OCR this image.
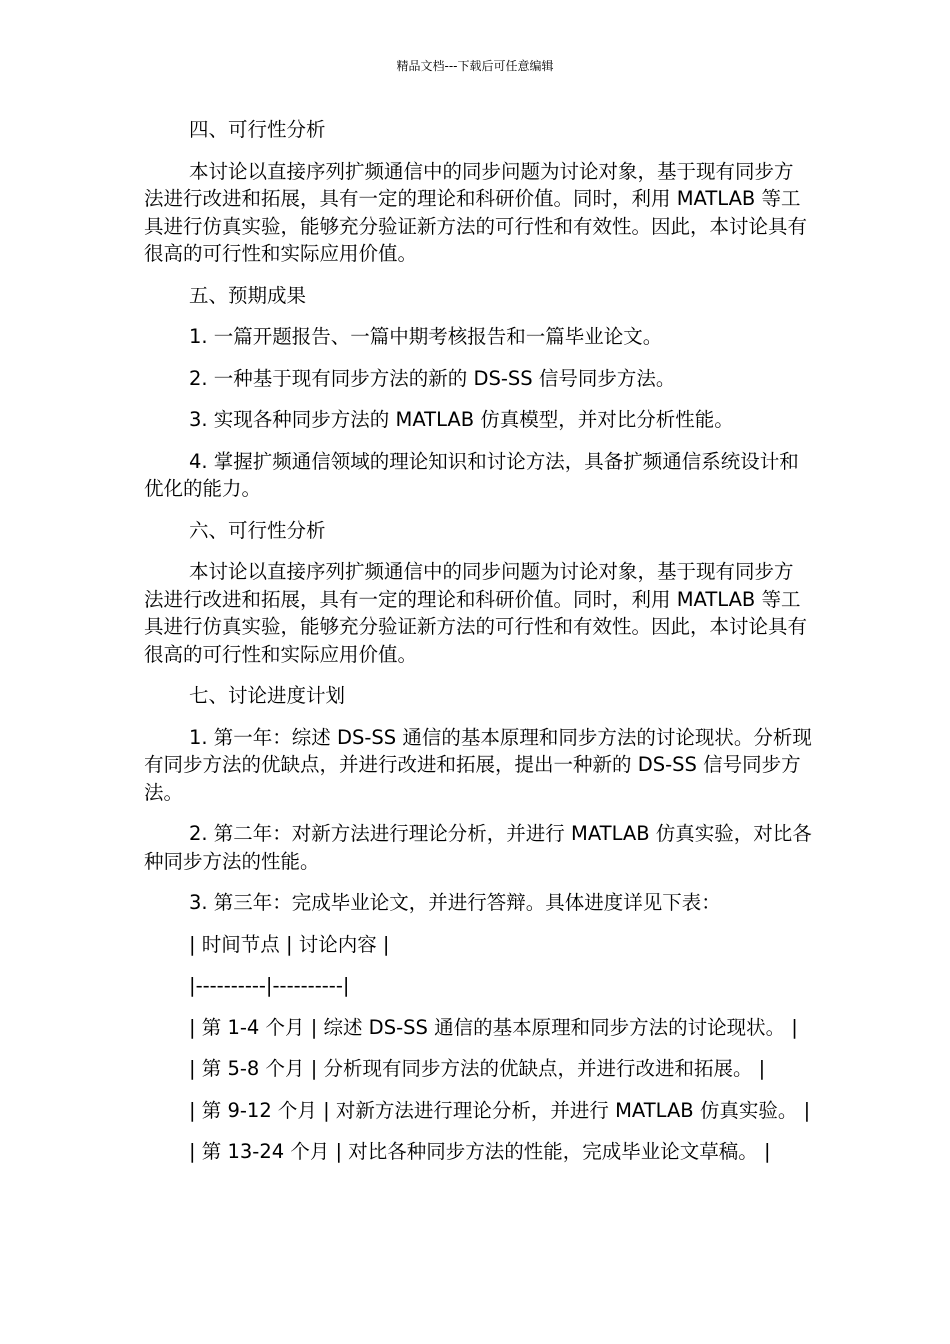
精品文档---下载后可任意编辑

四、可行性分析

本讨论以直接序列扩频通信中的同步问题为讨论对象，基于现有同步方法进行改进和拓展，具有一定的理论和科研价值。同时，利用 MATLAB 等工具进行仿真实验，能够充分验证新方法的可行性和有效性。因此，本讨论具有很高的可行性和实际应用价值。

五、预期成果

1. 一篇开题报告、一篇中期考核报告和一篇毕业论文。

2. 一种基于现有同步方法的新的 DS-SS 信号同步方法。

3. 实现各种同步方法的 MATLAB 仿真模型，并对比分析性能。

4. 掌握扩频通信领域的理论知识和讨论方法，具备扩频通信系统设计和优化的能力。

六、可行性分析

本讨论以直接序列扩频通信中的同步问题为讨论对象，基于现有同步方法进行改进和拓展，具有一定的理论和科研价值。同时，利用 MATLAB 等工具进行仿真实验，能够充分验证新方法的可行性和有效性。因此，本讨论具有很高的可行性和实际应用价值。

七、讨论进度计划

1. 第一年：综述 DS-SS 通信的基本原理和同步方法的讨论现状。分析现有同步方法的优缺点，并进行改进和拓展，提出一种新的 DS-SS 信号同步方法。

2. 第二年：对新方法进行理论分析，并进行 MATLAB 仿真实验，对比各种同步方法的性能。

3. 第三年：完成毕业论文，并进行答辩。具体进度详见下表：

| 时间节点 | 讨论内容 |

|----------|----------|

| 第 1-4 个月 | 综述 DS-SS 通信的基本原理和同步方法的讨论现状。 |

| 第 5-8 个月 | 分析现有同步方法的优缺点，并进行改进和拓展。 |

| 第 9-12 个月 | 对新方法进行理论分析，并进行 MATLAB 仿真实验。 |

| 第 13-24 个月 | 对比各种同步方法的性能，完成毕业论文草稿。 |
